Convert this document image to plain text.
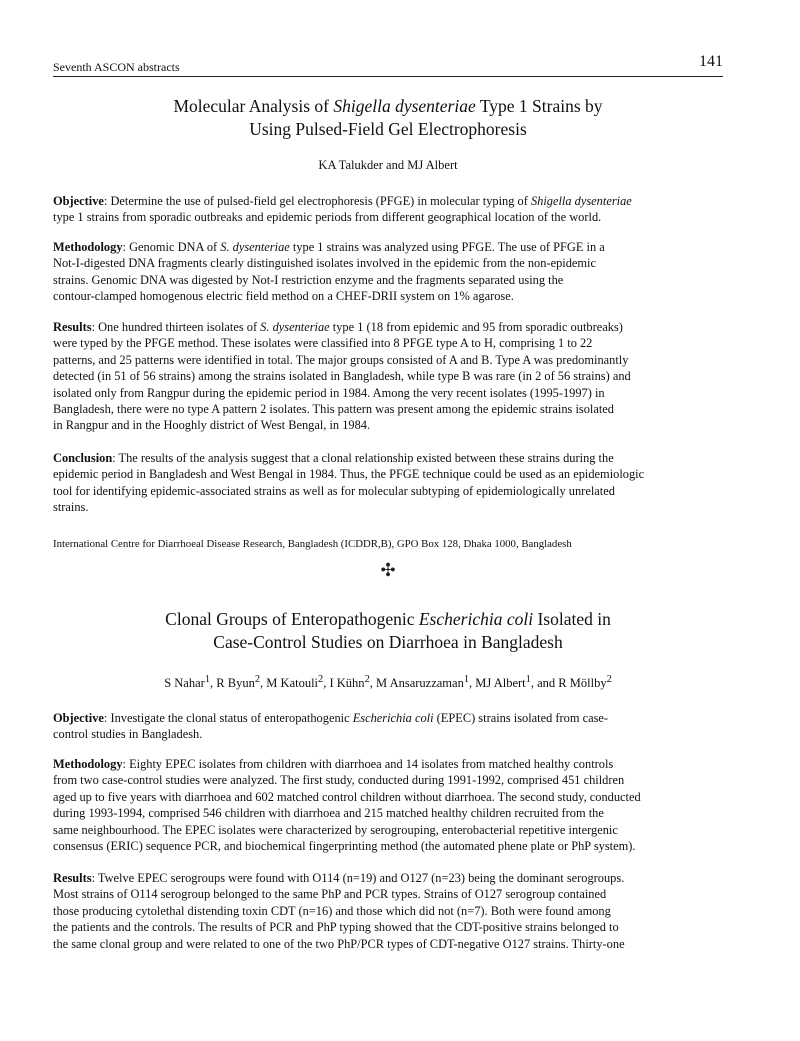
Seventh ASCON abstracts	141
Molecular Analysis of Shigella dysenteriae Type 1 Strains by
Using Pulsed-Field Gel Electrophoresis
KA Talukder and MJ Albert

Objective: Determine the use of pulsed-field gel electrophoresis (PFGE) in molecular typing of Shigella dysenteriae
type 1 strains from sporadic outbreaks and epidemic periods from different geographical location of the world.

Methodology: Genomic DNA of S. dysenteriae type 1 strains was analyzed using PFGE. The use of PFGE in a
Not-I-digested DNA fragments clearly distinguished isolates involved in the epidemic from the non-epidemic
strains. Genomic DNA was digested by Not-I restriction enzyme and the fragments separated using the
contour-clamped homogenous electric field method on a CHEF-DRII system on 1% agarose.

Results: One hundred thirteen isolates of S. dysenteriae type 1 (18 from epidemic and 95 from sporadic outbreaks)
were typed by the PFGE method. These isolates were classified into 8 PFGE type A to H, comprising 1 to 22
patterns, and 25 patterns were identified in total. The major groups consisted of A and B. Type A was predominantly
detected (in 51 of 56 strains) among the strains isolated in Bangladesh, while type B was rare (in 2 of 56 strains) and
isolated only from Rangpur during the epidemic period in 1984. Among the very recent isolates (1995-1997) in
Bangladesh, there were no type A pattern 2 isolates. This pattern was present among the epidemic strains isolated
in Rangpur and in the Hooghly district of West Bengal, in 1984.

Conclusion: The results of the analysis suggest that a clonal relationship existed between these strains during the
epidemic period in Bangladesh and West Bengal in 1984. Thus, the PFGE technique could be used as an epidemiologic
tool for identifying epidemic-associated strains as well as for molecular subtyping of epidemiologically unrelated
strains.

International Centre for Diarrhoeal Disease Research, Bangladesh (ICDDR,B), GPO Box 128, Dhaka 1000, Bangladesh
✣
Clonal Groups of Enteropathogenic Escherichia coli Isolated in
Case-Control Studies on Diarrhoea in Bangladesh
S Nahar$^1$, R Byun$^2$, M Katouli$^2$, I Kühn$^2$, M Ansaruzzaman$^1$, MJ Albert$^1$, and R Möllby$^2$

Objective: Investigate the clonal status of enteropathogenic Escherichia coli (EPEC) strains isolated from case-
control studies in Bangladesh.

Methodology: Eighty EPEC isolates from children with diarrhoea and 14 isolates from matched healthy controls
from two case-control studies were analyzed. The first study, conducted during 1991-1992, comprised 451 children
aged up to five years with diarrhoea and 602 matched control children without diarrhoea. The second study, conducted
during 1993-1994, comprised 546 children with diarrhoea and 215 matched healthy children recruited from the
same neighbourhood. The EPEC isolates were characterized by serogrouping, enterobacterial repetitive intergenic
consensus (ERIC) sequence PCR, and biochemical fingerprinting method (the automated phene plate or PhP system).

Results: Twelve EPEC serogroups were found with O114 (n=19) and O127 (n=23) being the dominant serogroups.
Most strains of O114 serogroup belonged to the same PhP and PCR types. Strains of O127 serogroup contained
those producing cytolethal distending toxin CDT (n=16) and those which did not (n=7). Both were found among
the patients and the controls. The results of PCR and PhP typing showed that the CDT-positive strains belonged to
the same clonal group and were related to one of the two PhP/PCR types of CDT-negative O127 strains. Thirty-one
